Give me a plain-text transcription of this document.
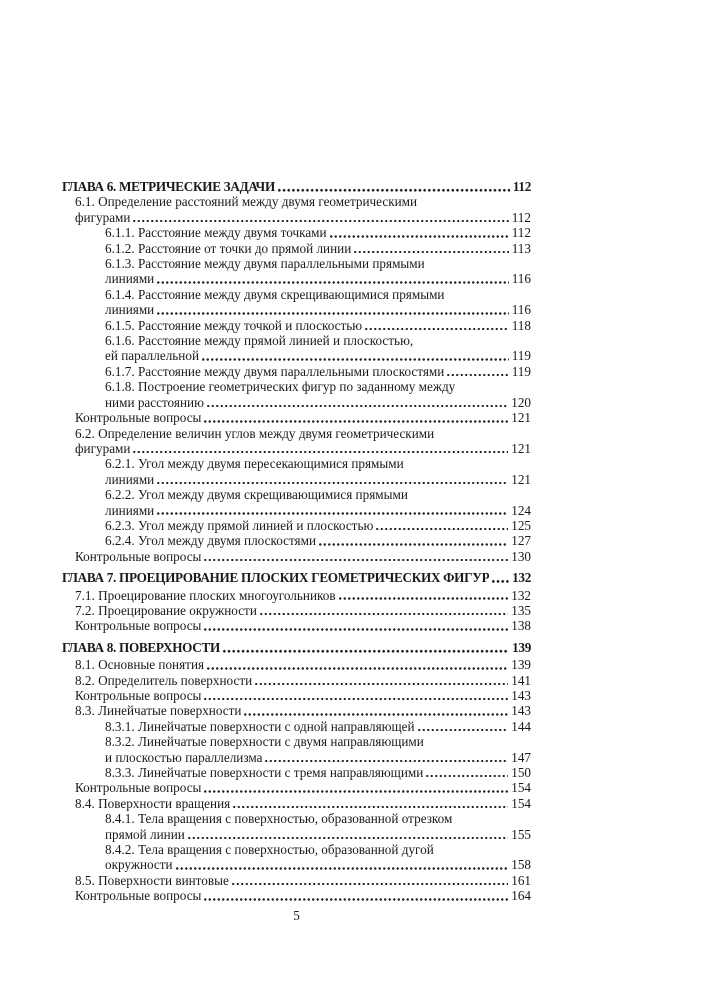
ГЛАВА 6. МЕТРИЧЕСКИЕ ЗАДАЧИ	112
6.1. Определение расстояний между двумя геометрическими
фигурами	112
6.1.1. Расстояние между двумя точками	112
6.1.2. Расстояние от точки до прямой линии	113
6.1.3. Расстояние между двумя параллельными прямыми
линиями	116
6.1.4. Расстояние между двумя скрещивающимися прямыми
линиями	116
6.1.5. Расстояние между точкой и плоскостью	118
6.1.6. Расстояние между прямой линией и плоскостью,
ей параллельной	119
6.1.7. Расстояние между двумя параллельными плоскостями	119
6.1.8. Построение геометрических фигур по заданному между
ними расстоянию	120
Контрольные вопросы	121
6.2. Определение величин углов между двумя геометрическими
фигурами	121
6.2.1. Угол между двумя пересекающимися прямыми
линиями	121
6.2.2. Угол между двумя скрещивающимися прямыми
линиями	124
6.2.3. Угол между прямой линией и плоскостью	125
6.2.4. Угол между двумя плоскостями	127
Контрольные вопросы	130
ГЛАВА 7. ПРОЕЦИРОВАНИЕ ПЛОСКИХ ГЕОМЕТРИЧЕСКИХ ФИГУР 132
7.1. Проецирование плоских многоугольников	132
7.2. Проецирование окружности	135
Контрольные вопросы	138
ГЛАВА 8. ПОВЕРХНОСТИ	139
8.1. Основные понятия	139
8.2. Определитель поверхности	141
Контрольные вопросы	143
8.3. Линейчатые поверхности	143
8.3.1. Линейчатые поверхности с одной направляющей	144
8.3.2. Линейчатые поверхности с двумя направляющими
и плоскостью параллелизма	147
8.3.3. Линейчатые поверхности с тремя направляющими	150
Контрольные вопросы	154
8.4. Поверхности вращения	154
8.4.1. Тела вращения с поверхностью, образованной отрезком
прямой линии	155
8.4.2. Тела вращения с поверхностью, образованной дугой
окружности	158
8.5. Поверхности винтовые	161
Контрольные вопросы	164
5
